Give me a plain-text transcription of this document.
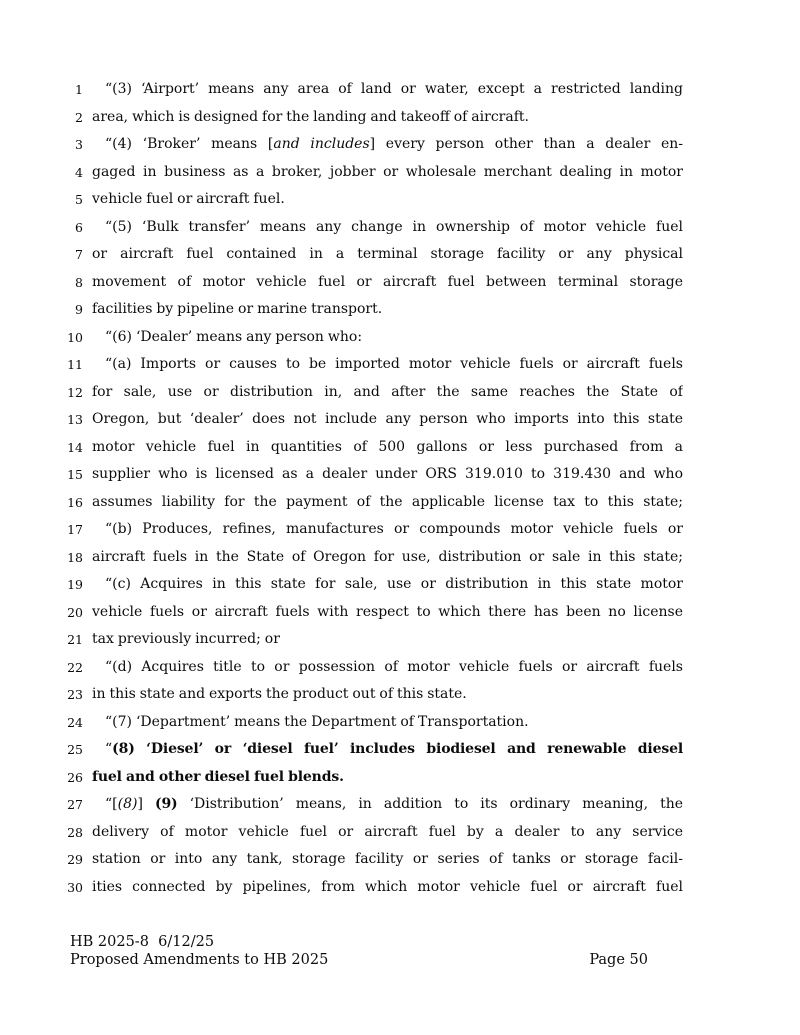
1	“(3) ‘Airport’ means any area of land or water, except a restricted landing
2 area, which is designed for the landing and takeoff of aircraft.
3	“(4) ‘Broker’ means [and includes] every person other than a dealer en-
4 gaged in business as a broker, jobber or wholesale merchant dealing in motor
5 vehicle fuel or aircraft fuel.
6	“(5) ‘Bulk transfer’ means any change in ownership of motor vehicle fuel
7 or aircraft fuel contained in a terminal storage facility or any physical
8 movement of motor vehicle fuel or aircraft fuel between terminal storage
9 facilities by pipeline or marine transport.
10	“(6) ‘Dealer’ means any person who:
11	“(a) Imports or causes to be imported motor vehicle fuels or aircraft fuels
12 for sale, use or distribution in, and after the same reaches the State of
13 Oregon, but ‘dealer’ does not include any person who imports into this state
14 motor vehicle fuel in quantities of 500 gallons or less purchased from a
15 supplier who is licensed as a dealer under ORS 319.010 to 319.430 and who
16 assumes liability for the payment of the applicable license tax to this state;
17	“(b) Produces, refines, manufactures or compounds motor vehicle fuels or
18 aircraft fuels in the State of Oregon for use, distribution or sale in this state;
19	“(c) Acquires in this state for sale, use or distribution in this state motor
20 vehicle fuels or aircraft fuels with respect to which there has been no license
21 tax previously incurred; or
22	“(d) Acquires title to or possession of motor vehicle fuels or aircraft fuels
23 in this state and exports the product out of this state.
24	“(7) ‘Department’ means the Department of Transportation.
25	“(8) ‘Diesel’ or ‘diesel fuel’ includes biodiesel and renewable diesel
26 fuel and other diesel fuel blends.
27	“[(8)] (9) ‘Distribution’ means, in addition to its ordinary meaning, the
28 delivery of motor vehicle fuel or aircraft fuel by a dealer to any service
29 station or into any tank, storage facility or series of tanks or storage facil-
30 ities connected by pipelines, from which motor vehicle fuel or aircraft fuel
HB 2025-8  6/12/25
Proposed Amendments to HB 2025	Page 50
